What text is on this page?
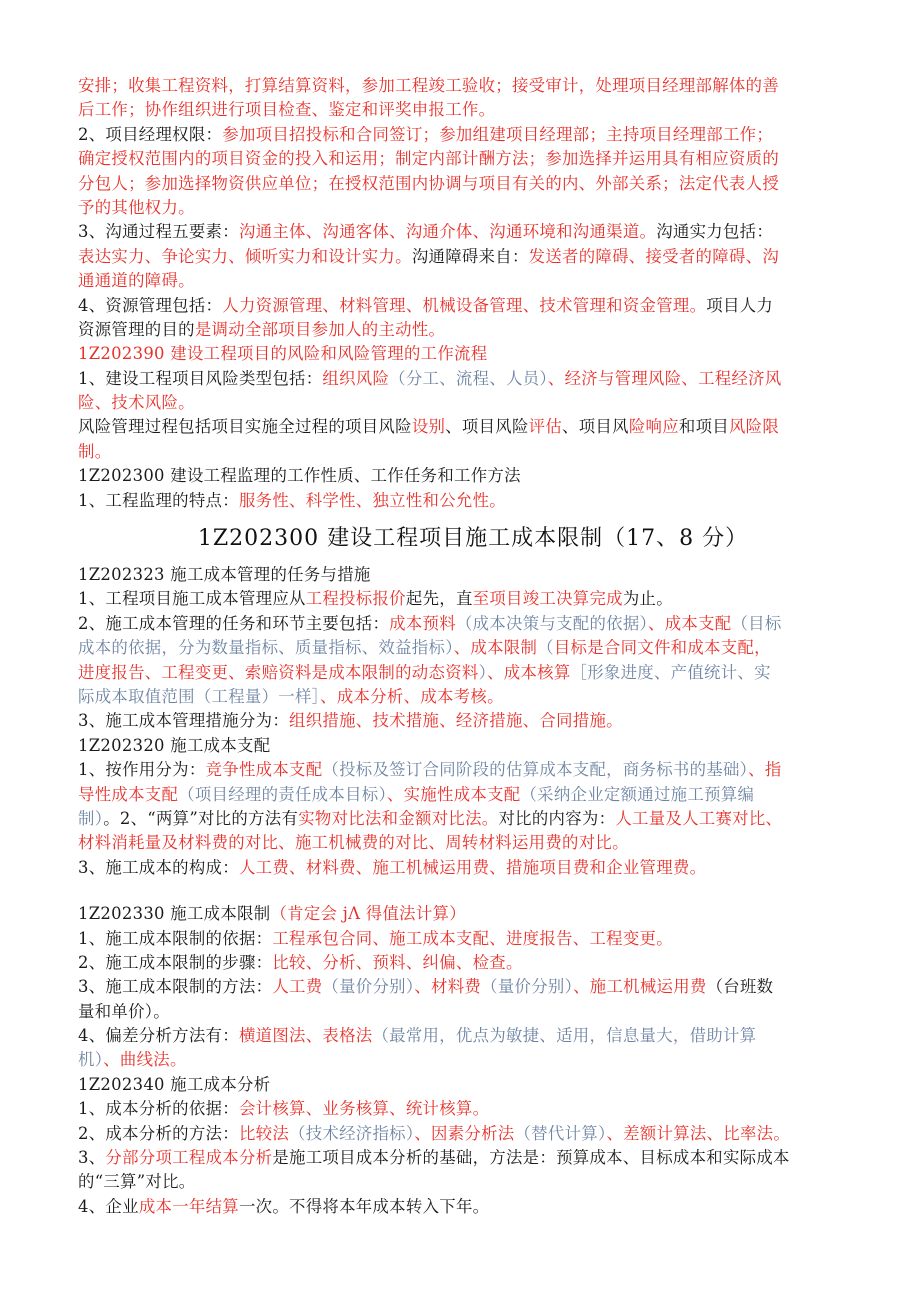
安排；收集工程资料，打算结算资料，参加工程竣工验收；接受审计，处理项目经理部解体的善
后工作；协作组织进行项目检查、鉴定和评奖申报工作。
2、项目经理权限：参加项目招投标和合同签订；参加组建项目经理部；主持项目经理部工作；
确定授权范围内的项目资金的投入和运用；制定内部计酬方法；参加选择并运用具有相应资质的
分包人；参加选择物资供应单位；在授权范围内协调与项目有关的内、外部关系；法定代表人授
予的其他权力。
3、沟通过程五要素：沟通主体、沟通客体、沟通介体、沟通环境和沟通渠道。沟通实力包括：
表达实力、争论实力、倾听实力和设计实力。沟通障碍来自：发送者的障碍、接受者的障碍、沟
通通道的障碍。
4、资源管理包括：人力资源管理、材料管理、机械设备管理、技术管理和资金管理。项目人力
资源管理的目的是调动全部项目参加人的主动性。
1Z202390 建设工程项目的风险和风险管理的工作流程
1、建设工程项目风险类型包括：组织风险（分工、流程、人员）、经济与管理风险、工程经济风
险、技术风险。
风险管理过程包括项目实施全过程的项目风险设别、项目风险评估、项目风险响应和项目风险限
制。
1Z202300 建设工程监理的工作性质、工作任务和工作方法
1、工程监理的特点：服务性、科学性、独立性和公允性。
1Z202300 建设工程项目施工成本限制（17、8 分）
1Z202323 施工成本管理的任务与措施
1、工程项目施工成本管理应从工程投标报价起先，直至项目竣工决算完成为止。
2、施工成本管理的任务和环节主要包括：成本预料（成本决策与支配的依据）、成本支配（目标
成本的依据，分为数量指标、质量指标、效益指标）、成本限制（目标是合同文件和成本支配，
进度报告、工程变更、索赔资料是成本限制的动态资料）、成本核算［形象进度、产值统计、实
际成本取值范围（工程量）一样］、成本分析、成本考核。
3、施工成本管理措施分为：组织措施、技术措施、经济措施、合同措施。
1Z202320 施工成本支配
1、按作用分为：竞争性成本支配（投标及签订合同阶段的估算成本支配，商务标书的基础）、指
导性成本支配（项目经理的责任成本目标）、实施性成本支配（采纳企业定额通过施工预算编
制）。2、“两算”对比的方法有实物对比法和金额对比法。对比的内容为：人工量及人工赛对比、
材料消耗量及材料费的对比、施工机械费的对比、周转材料运用费的对比。
3、施工成本的构成：人工费、材料费、施工机械运用费、措施项目费和企业管理费。
1Z202330 施工成本限制（肯定会 jΛ 得值法计算）
1、施工成本限制的依据：工程承包合同、施工成本支配、进度报告、工程变更。
2、施工成本限制的步骤：比较、分析、预料、纠偏、检查。
3、施工成本限制的方法：人工费（量价分别）、材料费（量价分别）、施工机械运用费（台班数
量和单价）。
4、偏差分析方法有：横道图法、表格法（最常用，优点为敏捷、适用，信息量大，借助计算
机）、曲线法。
1Z202340 施工成本分析
1、成本分析的依据：会计核算、业务核算、统计核算。
2、成本分析的方法：比较法（技术经济指标）、因素分析法（替代计算）、差额计算法、比率法。
3、分部分项工程成本分析是施工项目成本分析的基础，方法是：预算成本、目标成本和实际成本
的“三算”对比。
4、企业成本一年结算一次。不得将本年成本转入下年。
